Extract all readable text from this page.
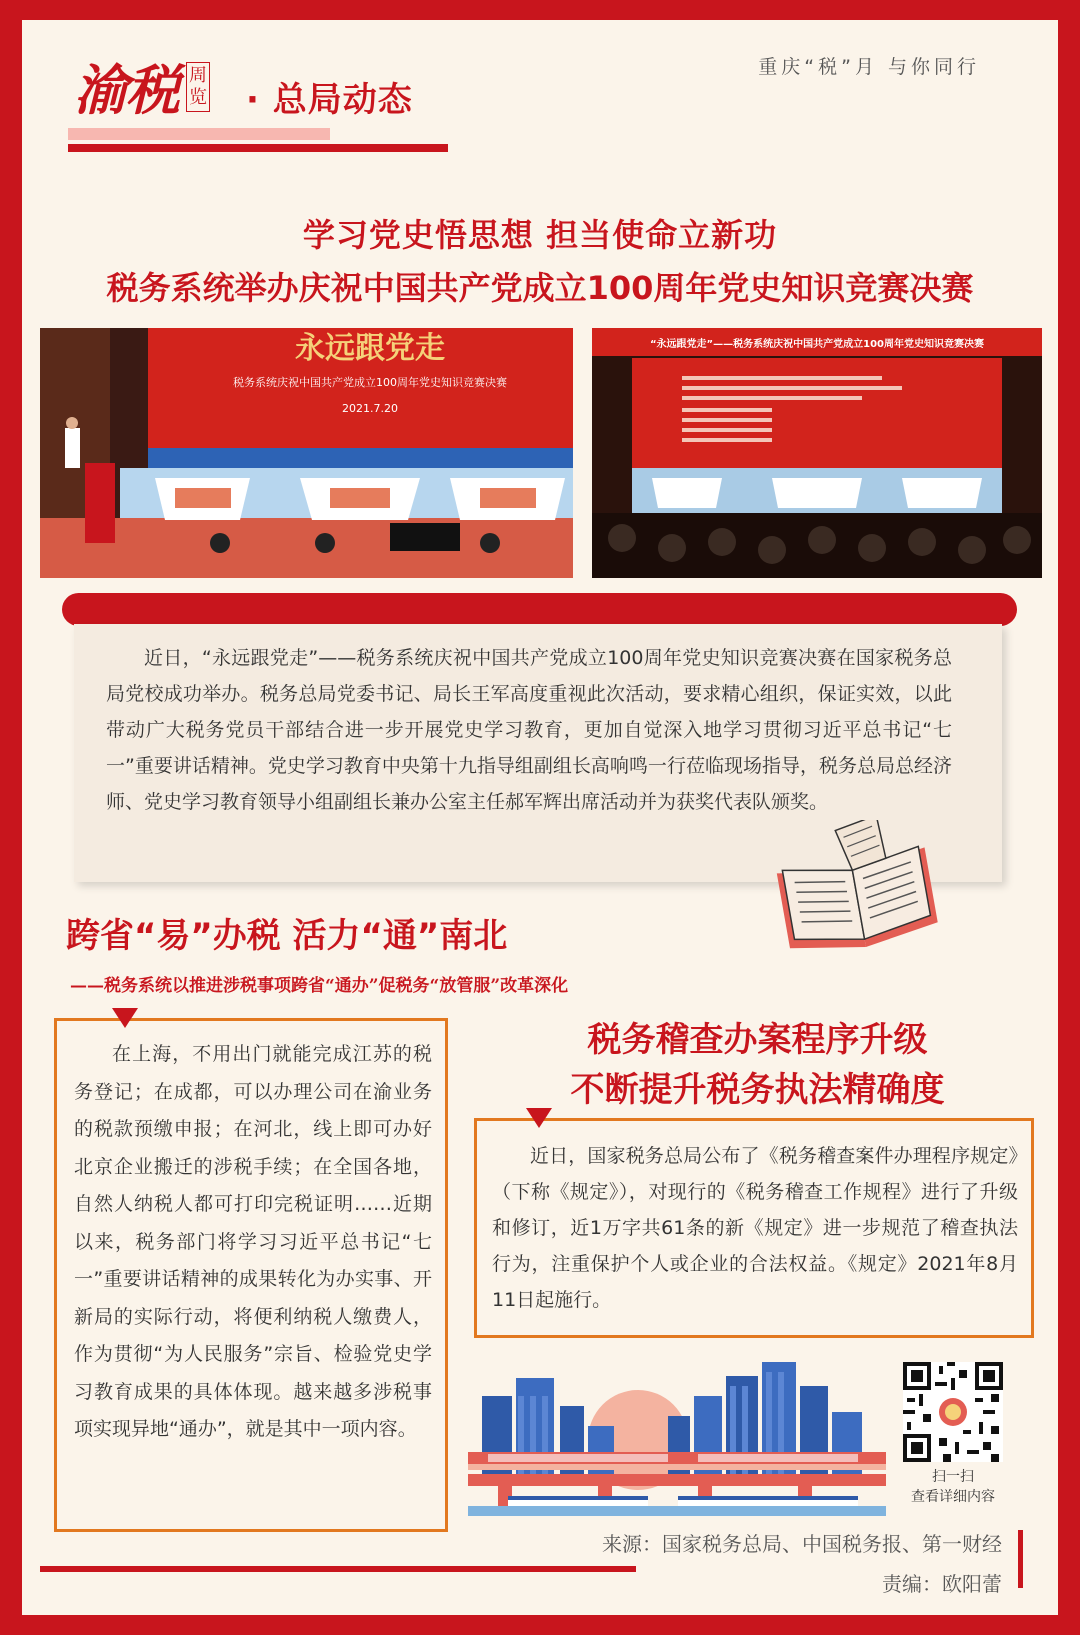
渝税 周览 · 总局动态
重庆“税”月 与你同行
学习党史悟思想 担当使命立新功
税务系统举办庆祝中国共产党成立100周年党史知识竞赛决赛
永远跟党走
税务系统庆祝中国共产党成立100周年党史知识竞赛决赛
2021.7.20
“永远跟党走”——税务系统庆祝中国共产党成立100周年党史知识竞赛决赛
近日，“永远跟党走”——税务系统庆祝中国共产党成立100周年党史知识竞赛决赛在国家税务总局党校成功举办。税务总局党委书记、局长王军高度重视此次活动，要求精心组织，保证实效，以此带动广大税务党员干部结合进一步开展党史学习教育，更加自觉深入地学习贯彻习近平总书记“七一”重要讲话精神。党史学习教育中央第十九指导组副组长高响鸣一行莅临现场指导，税务总局总经济师、党史学习教育领导小组副组长兼办公室主任郝军辉出席活动并为获奖代表队颁奖。
跨省“易”办税 活力“通”南北
——税务系统以推进涉税事项跨省“通办”促税务“放管服”改革深化
在上海，不用出门就能完成江苏的税务登记；在成都，可以办理公司在渝业务的税款预缴申报；在河北，线上即可办好北京企业搬迁的涉税手续；在全国各地，自然人纳税人都可打印完税证明……近期以来，税务部门将学习习近平总书记“七一”重要讲话精神的成果转化为办实事、开新局的实际行动，将便利纳税人缴费人，作为贯彻“为人民服务”宗旨、检验党史学习教育成果的具体体现。越来越多涉税事项实现异地“通办”，就是其中一项内容。
税务稽查办案程序升级
不断提升税务执法精确度
近日，国家税务总局公布了《税务稽查案件办理程序规定》（下称《规定》），对现行的《税务稽查工作规程》进行了升级和修订，近1万字共61条的新《规定》进一步规范了稽查执法行为，注重保护个人或企业的合法权益。《规定》2021年8月11日起施行。
扫一扫
查看详细内容
来源：国家税务总局、中国税务报、第一财经
责编：欧阳蕾
